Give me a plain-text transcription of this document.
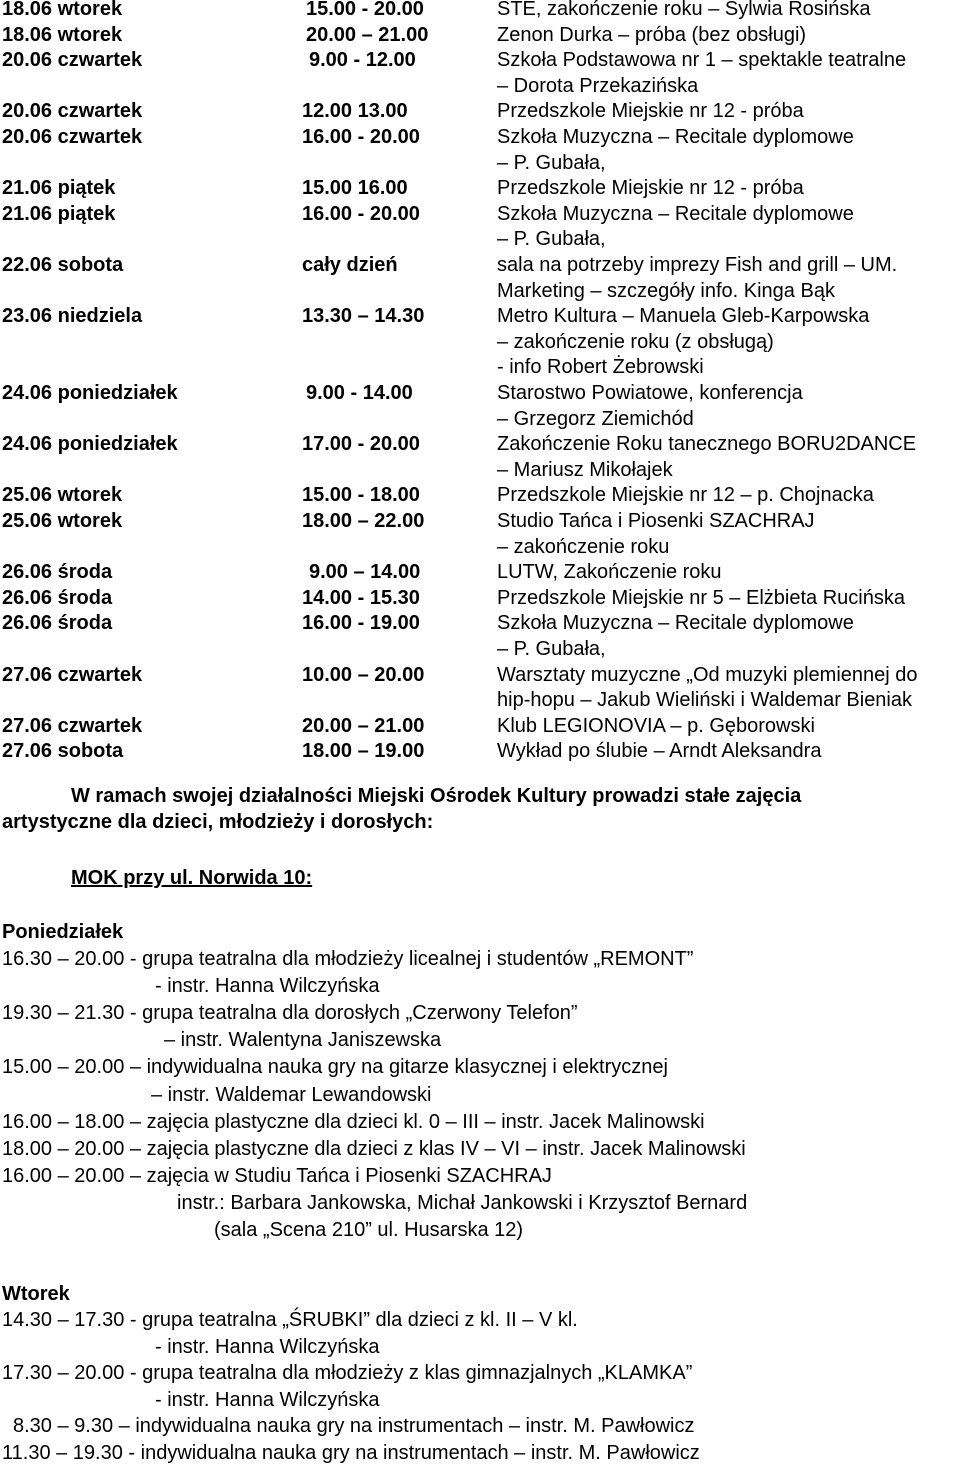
18.06 wtorek	15.00 - 20.00	STE, zakończenie roku – Sylwia Rosińska
18.06 wtorek	20.00 – 21.00	Zenon Durka – próba (bez obsługi)
20.06 czwartek	9.00 - 12.00	Szkoła Podstawowa nr 1 – spektakle teatralne
– Dorota Przekazińska
20.06 czwartek	12.00 13.00	Przedszkole Miejskie nr 12 - próba
20.06 czwartek	16.00 - 20.00	Szkoła Muzyczna – Recitale dyplomowe
– P. Gubała,
21.06 piątek	15.00 16.00	Przedszkole Miejskie nr 12 - próba
21.06 piątek	16.00 - 20.00	Szkoła Muzyczna – Recitale dyplomowe
– P. Gubała,
22.06 sobota	cały dzień	sala na potrzeby imprezy Fish and grill – UM.
Marketing – szczegóły info. Kinga Bąk
23.06 niedziela	13.30 – 14.30	Metro Kultura – Manuela Gleb-Karpowska
– zakończenie roku (z obsługą)
- info Robert Żebrowski
24.06 poniedziałek	9.00 - 14.00	Starostwo Powiatowe, konferencja
– Grzegorz Ziemichód
24.06 poniedziałek	17.00 - 20.00	Zakończenie Roku tanecznego BORU2DANCE
– Mariusz Mikołajek
25.06 wtorek	15.00 - 18.00	Przedszkole Miejskie nr 12 – p. Chojnacka
25.06 wtorek	18.00 – 22.00	Studio Tańca i Piosenki SZACHRAJ
– zakończenie roku
26.06 środa	9.00 – 14.00	LUTW, Zakończenie roku
26.06 środa	14.00 - 15.30	Przedszkole Miejskie nr 5 – Elżbieta Rucińska
26.06 środa	16.00 - 19.00	Szkoła Muzyczna – Recitale dyplomowe
– P. Gubała,
27.06 czwartek	10.00 – 20.00	Warsztaty muzyczne „Od muzyki plemiennej do
hip-hopu – Jakub Wieliński i Waldemar Bieniak
27.06 czwartek	20.00 – 21.00	Klub LEGIONOVIA – p. Gęborowski
27.06 sobota	18.00 – 19.00	Wykład po ślubie – Arndt Aleksandra
W ramach swojej działalności Miejski Ośrodek Kultury prowadzi stałe zajęcia
artystyczne dla dzieci, młodzieży i dorosłych:
MOK przy ul. Norwida 10:
Poniedziałek
16.30 – 20.00 - grupa teatralna dla młodzieży licealnej i studentów „REMONT”
- instr. Hanna Wilczyńska
19.30 – 21.30 - grupa teatralna dla dorosłych „Czerwony Telefon”
– instr. Walentyna Janiszewska
15.00 – 20.00 – indywidualna nauka gry na gitarze klasycznej i elektrycznej
– instr. Waldemar Lewandowski
16.00 – 18.00 – zajęcia plastyczne dla dzieci kl. 0 – III – instr. Jacek Malinowski
18.00 – 20.00 – zajęcia plastyczne dla dzieci z klas IV – VI – instr. Jacek Malinowski
16.00 – 20.00 – zajęcia w Studiu Tańca i Piosenki SZACHRAJ
instr.: Barbara Jankowska, Michał Jankowski i Krzysztof Bernard
(sala „Scena 210” ul. Husarska 12)
Wtorek
14.30 – 17.30 - grupa teatralna „ŚRUBKI” dla dzieci z kl. II – V kl.
- instr. Hanna Wilczyńska
17.30 – 20.00 - grupa teatralna dla młodzieży z klas gimnazjalnych „KLAMKA”
- instr. Hanna Wilczyńska
8.30 – 9.30 – indywidualna nauka gry na instrumentach – instr. M. Pawłowicz
11.30 – 19.30 - indywidualna nauka gry na instrumentach – instr. M. Pawłowicz
